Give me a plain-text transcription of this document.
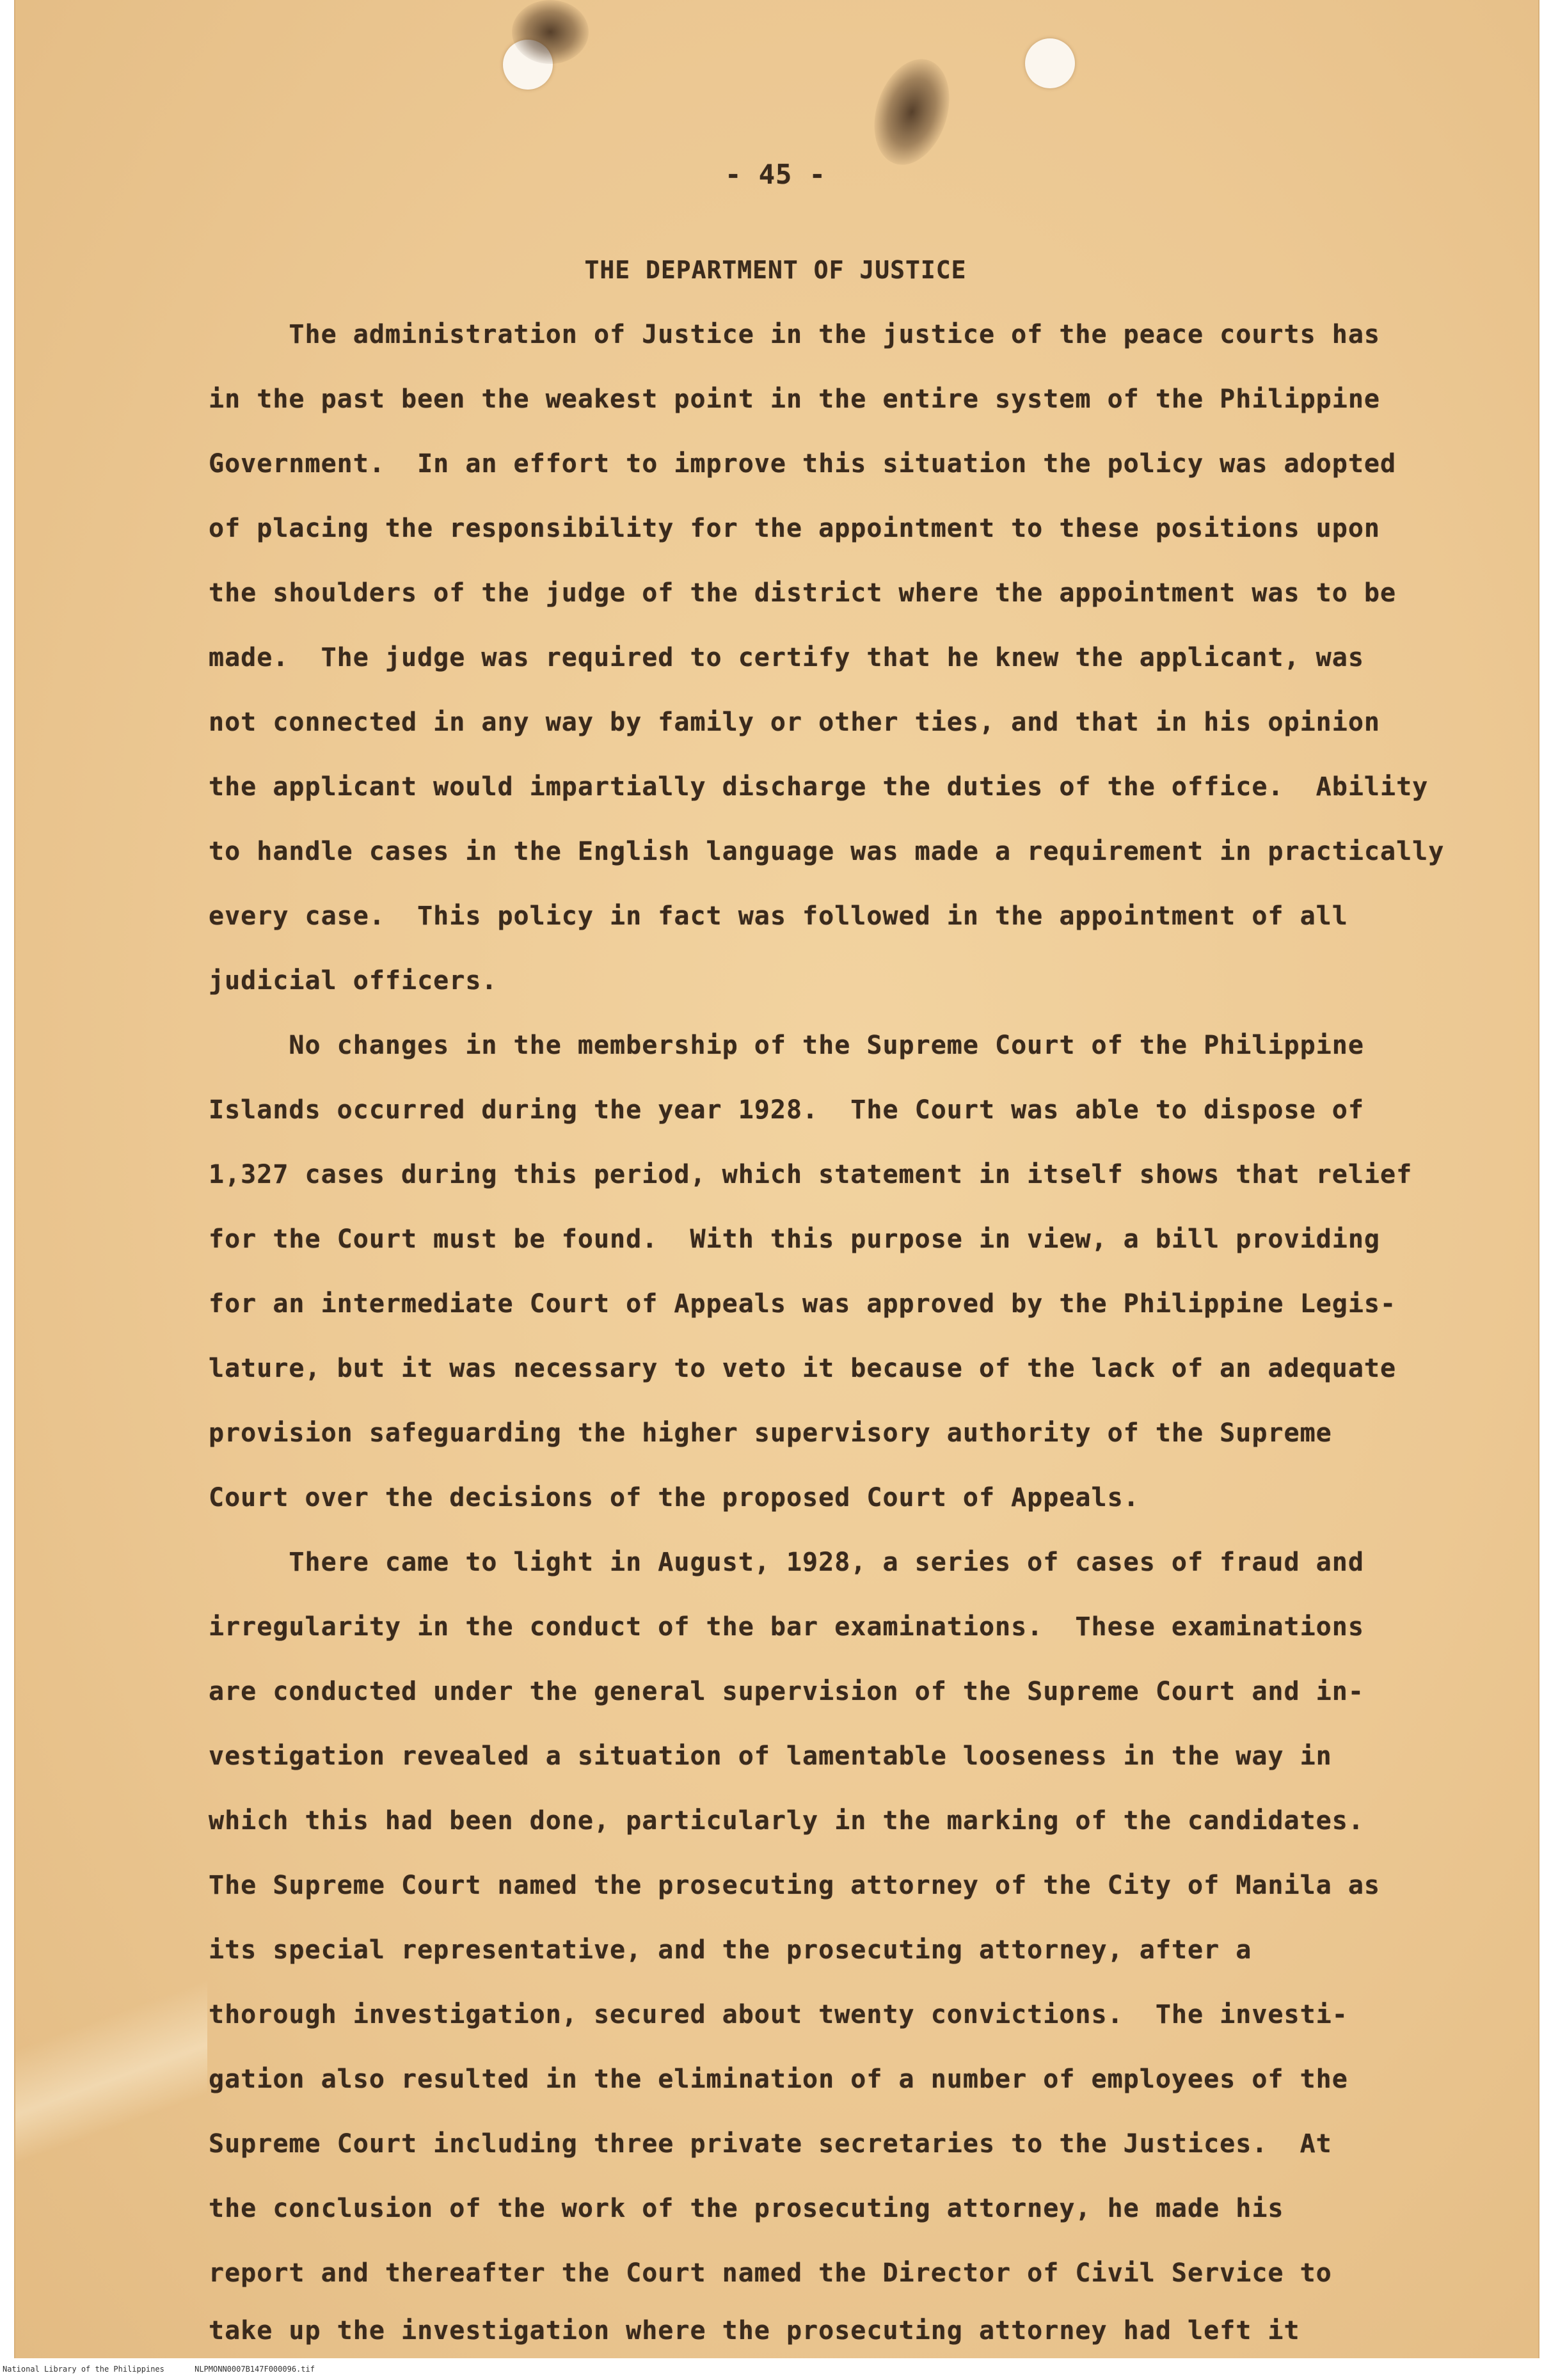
- 45 -
THE DEPARTMENT OF JUSTICE
The administration of Justice in the justice of the peace courts has
in the past been the weakest point in the entire system of the Philippine
Government.  In an effort to improve this situation the policy was adopted
of placing the responsibility for the appointment to these positions upon
the shoulders of the judge of the district where the appointment was to be
made.  The judge was required to certify that he knew the applicant, was
not connected in any way by family or other ties, and that in his opinion
the applicant would impartially discharge the duties of the office.  Ability
to handle cases in the English language was made a requirement in practically
every case.  This policy in fact was followed in the appointment of all
judicial officers.
No changes in the membership of the Supreme Court of the Philippine
Islands occurred during the year 1928.  The Court was able to dispose of
1,327 cases during this period, which statement in itself shows that relief
for the Court must be found.  With this purpose in view, a bill providing
for an intermediate Court of Appeals was approved by the Philippine Legis-
lature, but it was necessary to veto it because of the lack of an adequate
provision safeguarding the higher supervisory authority of the Supreme
Court over the decisions of the proposed Court of Appeals.
There came to light in August, 1928, a series of cases of fraud and
irregularity in the conduct of the bar examinations.  These examinations
are conducted under the general supervision of the Supreme Court and in-
vestigation revealed a situation of lamentable looseness in the way in
which this had been done, particularly in the marking of the candidates.
The Supreme Court named the prosecuting attorney of the City of Manila as
its special representative, and the prosecuting attorney, after a
thorough investigation, secured about twenty convictions.  The investi-
gation also resulted in the elimination of a number of employees of the
Supreme Court including three private secretaries to the Justices.  At
the conclusion of the work of the prosecuting attorney, he made his
report and thereafter the Court named the Director of Civil Service to
take up the investigation where the prosecuting attorney had left it
National Library of the Philippines	NLPMONN0007B147F000096.tif
